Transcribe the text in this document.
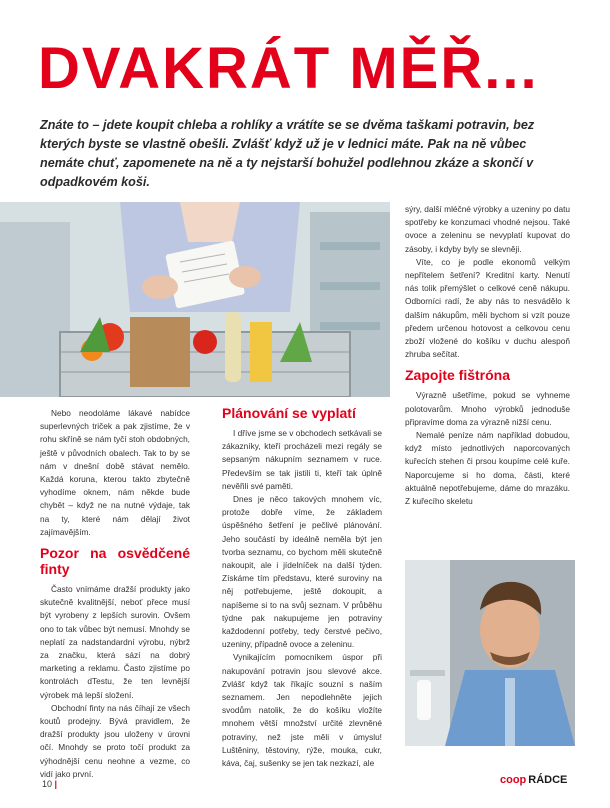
DVAKRÁT MĚŘ...

Znáte to – jdete koupit chleba a rohlíky a vrátíte se se dvěma taškami potravin, bez kterých byste se vlastně obešli. Zvlášť když už je v lednici máte. Pak na ně vůbec nemáte chuť, zapomenete na ně a ty nejstarší bohužel podlehnou zkáze a skončí v odpadkovém koši.

Nebo neodoláme lákavé nabídce superlevných triček a pak zjistíme, že v rohu skříně se nám tyčí stoh obdobných, ještě v původních obalech. Tak to by se nám v dnešní době stávat nemělo. Každá koruna, kterou takto zbytečně vyhodíme oknem, nám někde bude chybět – když ne na nutné výdaje, tak na ty, které nám dělají život zajímavějším.

Pozor na osvědčené finty

Často vnímáme dražší produkty jako skutečně kvalitnější, neboť přece musí být vyrobeny z lepších surovin. Ovšem ono to tak vůbec být nemusí. Mnohdy se neplatí za nadstandardní výrobu, nýbrž za značku, která sází na dobrý marketing a reklamu. Často zjistíme po kontrolách dTestu, že ten levnější výrobek má lepší složení.

Obchodní finty na nás číhají ze všech koutů prodejny. Bývá pravidlem, že dražší produkty jsou uloženy v úrovni očí. Mnohdy se proto točí produkt za výhodnější cenu neohne a vezme, co vidí jako první.

Plánování se vyplatí

I dříve jsme se v obchodech setkávali se zákazníky, kteří procházeli mezi regály se sepsaným nákupním seznamem v ruce. Především se tak jistili ti, kteří tak úplně nevěřili své paměti.

Dnes je něco takových mnohem víc, protože dobře víme, že základem úspěšného šetření je pečlivé plánování. Jeho součástí by ideálně neměla být jen tvorba seznamu, co bychom měli skutečně nakoupit, ale i jídelníček na další týden. Získáme tím představu, které suroviny na něj potřebujeme, ještě dokoupit, a napíšeme si to na svůj seznam. V průběhu týdne pak nakupujeme jen potraviny každodenní potřeby, tedy čerstvé pečivo, uzeniny, případně ovoce a zeleninu.

Vynikajícím pomocníkem úspor při nakupování potravin jsou slevové akce. Zvlášť když tak říkajíc souzní s naším seznamem. Jen nepodlehněte jejich svodům natolik, že do košíku vložíte mnohem větší množství určité zlevněné potraviny, než jste měli v úmyslu! Luštěniny, těstoviny, rýže, mouka, cukr, káva, čaj, sušenky se jen tak nezkazí, ale

sýry, další mléčné výrobky a uzeniny po datu spotřeby ke konzumaci vhodné nejsou. Také ovoce a zeleninu se nevyplatí kupovat do zásoby, i kdyby byly se slevněji.

Víte, co je podle ekonomů velkým nepřítelem šetření? Kreditní karty. Nenutí nás tolik přemýšlet o celkové ceně nákupu. Odborníci radí, že aby nás to nesvádělo k dalším nákupům, měli bychom si vzít pouze předem určenou hotovost a celkovou cenu zboží vložené do košíku v duchu alespoň zhruba sečítat.

Zapojte fištróna

Výrazně ušetříme, pokud se vyhneme polotovarům. Mnoho výrobků jednoduše připravíme doma za výrazně nižší cenu.

Nemalé peníze nám například dobudou, když místo jednotlivých naporcovaných kuřecích stehen či prsou koupíme celé kuře. Naporcujeme si ho doma, části, které aktuálně nepotřebujeme, dáme do mrazáku. Z kuřecího skeletu

10 |	coop RÁDCE
